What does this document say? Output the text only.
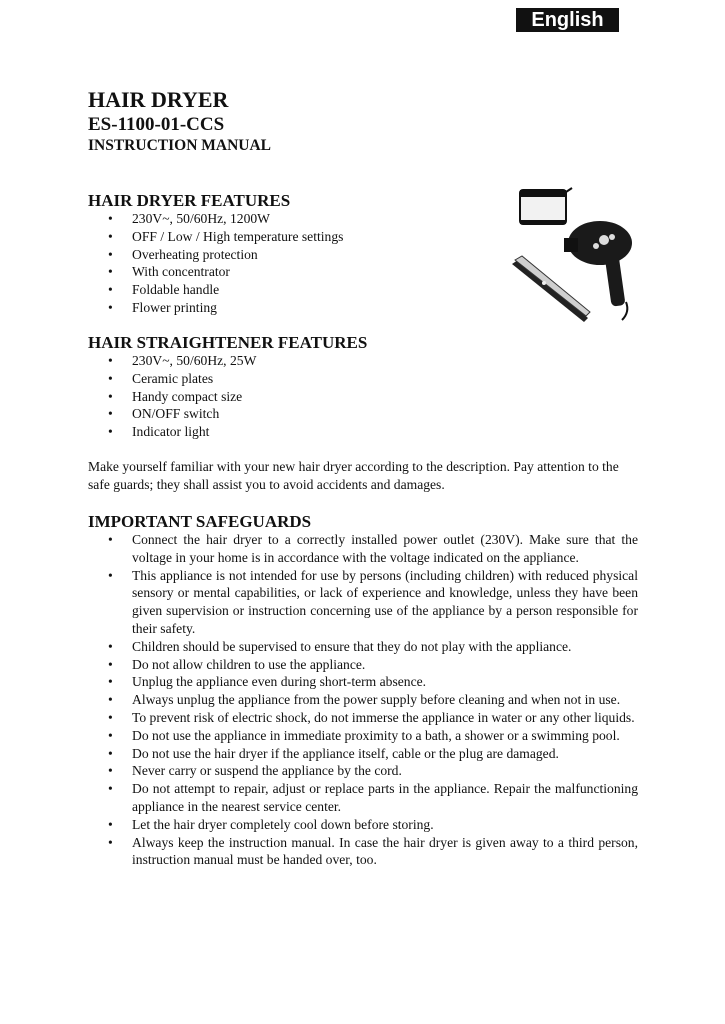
English
HAIR DRYER
ES-1100-01-CCS
INSTRUCTION MANUAL
HAIR DRYER FEATURES
• 230V~, 50/60Hz, 1200W
• OFF / Low / High temperature settings
• Overheating protection
• With concentrator
• Foldable handle
• Flower printing
HAIR STRAIGHTENER FEATURES
• 230V~, 50/60Hz, 25W
• Ceramic plates
• Handy compact size
• ON/OFF switch
• Indicator light

Make yourself familiar with your new hair dryer according to the description. Pay attention to the safe guards; they shall assist you to avoid accidents and damages.

IMPORTANT SAFEGUARDS
• Connect the hair dryer to a correctly installed power outlet (230V). Make sure that the voltage in your home is in accordance with the voltage indicated on the appliance.
• This appliance is not intended for use by persons (including children) with reduced physical sensory or mental capabilities, or lack of experience and knowledge, unless they have been given supervision or instruction concerning use of the appliance by a person responsible for their safety.
• Children should be supervised to ensure that they do not play with the appliance.
• Do not allow children to use the appliance.
• Unplug the appliance even during short-term absence.
• Always unplug the appliance from the power supply before cleaning and when not in use.
• To prevent risk of electric shock, do not immerse the appliance in water or any other liquids.
• Do not use the appliance in immediate proximity to a bath, a shower or a swimming pool.
• Do not use the hair dryer if the appliance itself, cable or the plug are damaged.
• Never carry or suspend the appliance by the cord.
• Do not attempt to repair, adjust or replace parts in the appliance. Repair the malfunctioning appliance in the nearest service center.
• Let the hair dryer completely cool down before storing.
• Always keep the instruction manual. In case the hair dryer is given away to a third person, instruction manual must be handed over, too.
